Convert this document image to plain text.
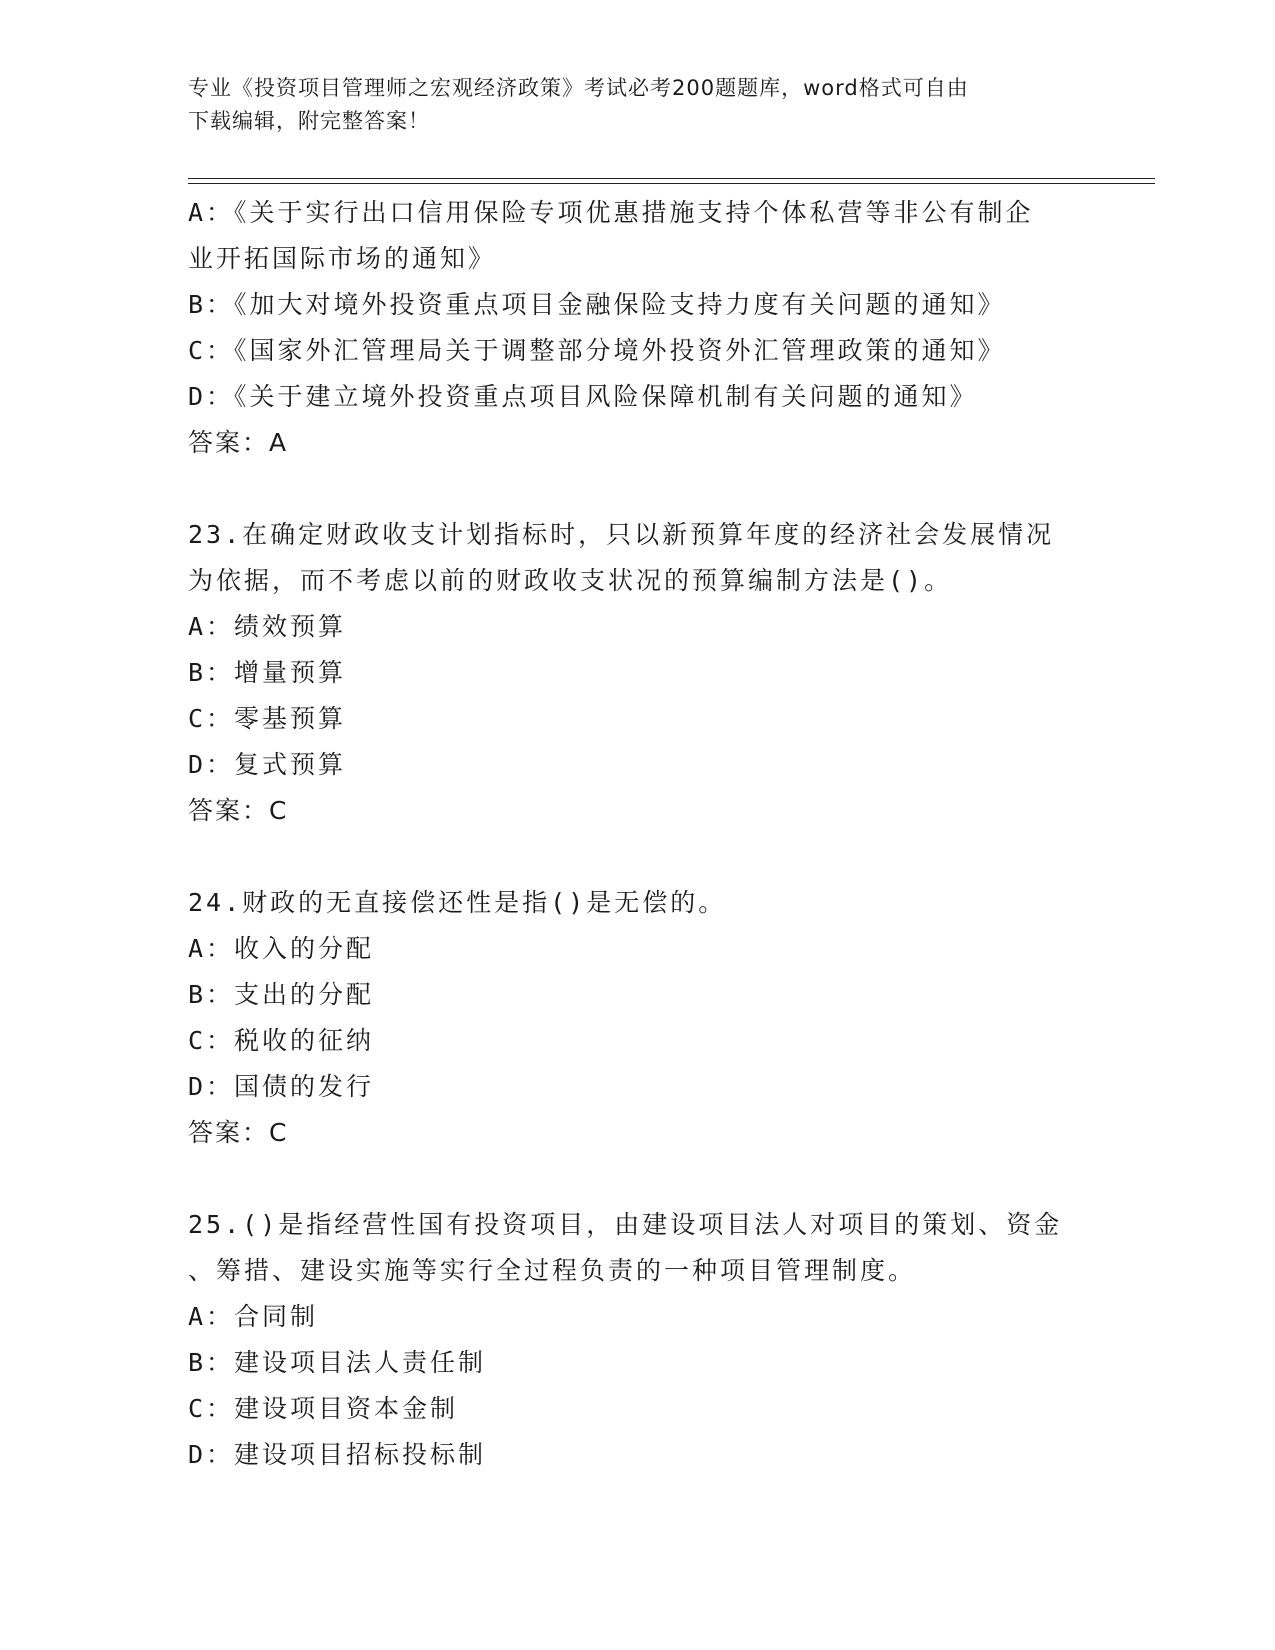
专业《投资项目管理师之宏观经济政策》考试必考200题题库，word格式可自由
下载编辑，附完整答案！
A：《关于实行出口信用保险专项优惠措施支持个体私营等非公有制企
业开拓国际市场的通知》
B：《加大对境外投资重点项目金融保险支持力度有关问题的通知》
C：《国家外汇管理局关于调整部分境外投资外汇管理政策的通知》
D：《关于建立境外投资重点项目风险保障机制有关问题的通知》
答案：A
23.在确定财政收支计划指标时，只以新预算年度的经济社会发展情况
为依据，而不考虑以前的财政收支状况的预算编制方法是()。
A：绩效预算
B：增量预算
C：零基预算
D：复式预算
答案：C
24.财政的无直接偿还性是指()是无偿的。
A：收入的分配
B：支出的分配
C：税收的征纳
D：国债的发行
答案：C
25.()是指经营性国有投资项目，由建设项目法人对项目的策划、资金
、筹措、建设实施等实行全过程负责的一种项目管理制度。
A：合同制
B：建设项目法人责任制
C：建设项目资本金制
D：建设项目招标投标制
